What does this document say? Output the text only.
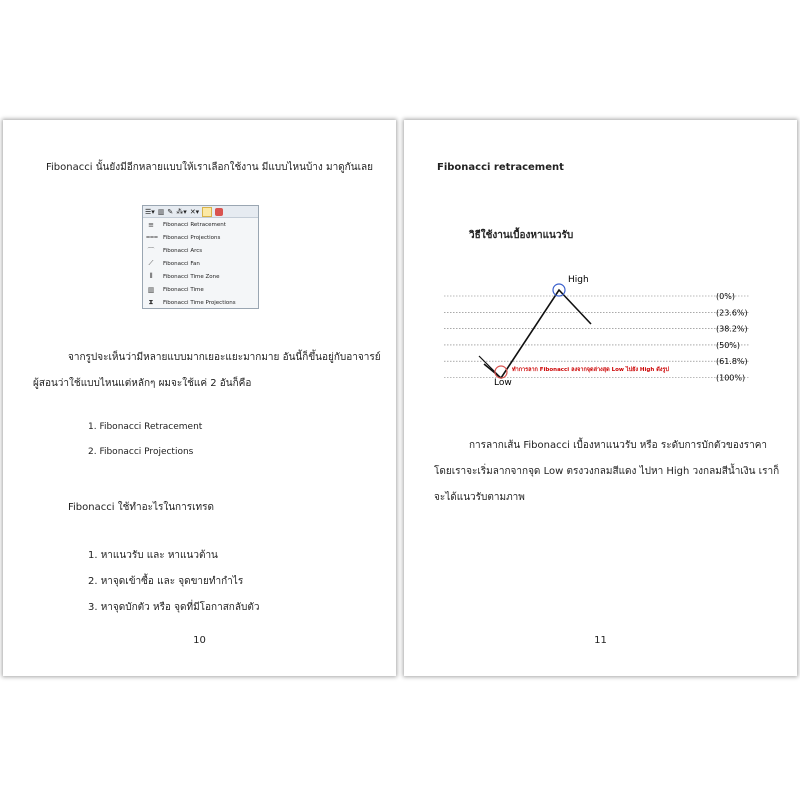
Fibonacci นั้นยังมีอีกหลายแบบให้เราเลือกใช้งาน มีแบบไหนบ้าง มาดูกันเลย
☰▾ ▥ ✎ ⁂▾ ✕▾
≡	Fibonacci Retracement
⩶ Fibonacci Projections
⌒ Fibonacci Arcs
⟋	Fibonacci Fan
⦀	Fibonacci Time Zone
▥	Fibonacci Time
⧗	Fibonacci Time Projections
จากรูปจะเห็นว่ามีหลายแบบมากเยอะแยะมากมาย อันนี้ก็ขึ้นอยู่กับอาจารย์
ผู้สอนว่าใช้แบบไหนแต่หลักๆ ผมจะใช้แค่ 2 อันก็คือ
1. Fibonacci Retracement
2. Fibonacci Projections
Fibonacci ใช้ทำอะไรในการเทรด
1. หาแนวรับ และ หาแนวต้าน
2. หาจุดเข้าซื้อ และ จุดขายทำกำไร
3. หาจุดบักตัว หรือ จุดที่มีโอกาสกลับตัว
10
Fibonacci retracement
วิธีใช้งานเบื้องหาแนวรับ
(0%)
(23.6%)
(38.2%)
(50%)
(61.8%)
(100%)
High
Low
ทำการลาก Fibonacci ลงจากจุดล่างสุด Low ไปยัง High ดังรูป
การลากเส้น Fibonacci เบื้องหาแนวรับ หรือ ระดับการบักตัวของราคา
โดยเราจะเริ่มลากจากจุด Low ตรงวงกลมสีแดง ไปหา High วงกลมสีน้ำเงิน เราก็
จะได้แนวรับตามภาพ
11
